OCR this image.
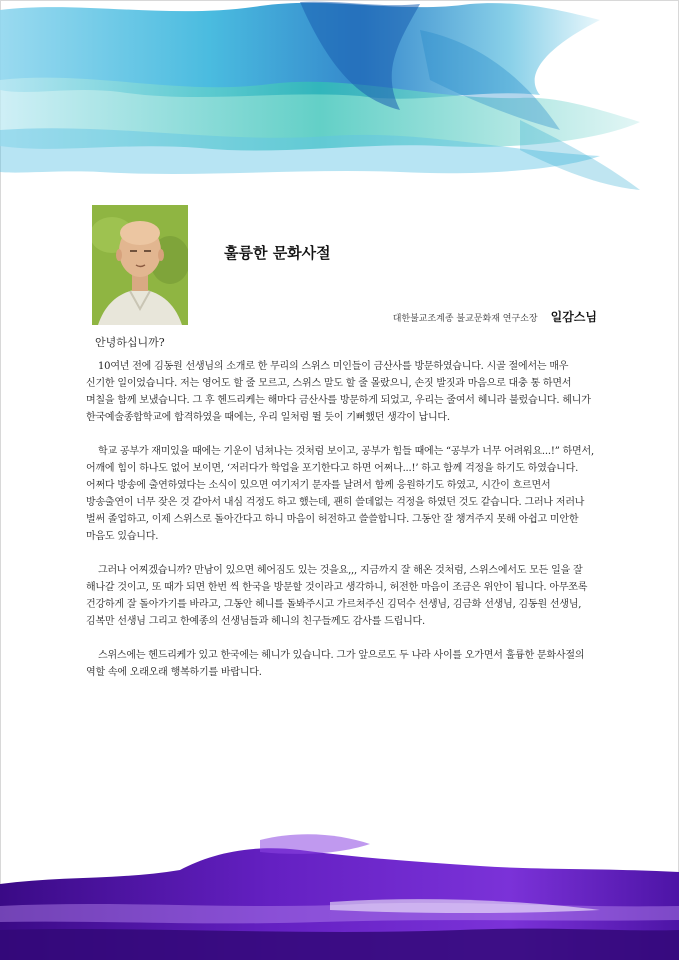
훌륭한 문화사절

대한불교조계종 불교문화재 연구소장 일감스님

안녕하십니까?

10여년 전에 김동원 선생님의 소개로 한 무리의 스위스 미인들이 금산사를 방문하였습니다. 시골 절에서는 매우 신기한 일이었습니다. 저는 영어도 할 줄 모르고, 스위스 말도 할 줄 몰랐으니, 손짓 발짓과 마음으로 대충 통 하면서 며칠을 함께 보냈습니다. 그 후 헨드리케는 해마다 금산사를 방문하게 되었고, 우리는 줄여서 헤니라 불렀습니다. 헤니가 한국예술종합학교에 합격하였을 때에는, 우리 일처럼 뛸 듯이 기뻐했던 생각이 납니다.

학교 공부가 재미있을 때에는 기운이 넘쳐나는 것처럼 보이고, 공부가 힘들 때에는 “공부가 너무 어려워요...!” 하면서, 어깨에 힘이 하나도 없어 보이면, ‘저러다가 학업을 포기한다고 하면 어쩌나...!’ 하고 함께 걱정을 하기도 하였습니다. 어쩌다 방송에 출연하였다는 소식이 있으면 여기저기 문자를 날려서 함께 응원하기도 하였고, 시간이 흐르면서 방송출연이 너무 잦은 것 같아서 내심 걱정도 하고 했는데, 괜히 쓸데없는 걱정을 하였던 것도 같습니다. 그러나 저러나 벌써 졸업하고, 이제 스위스로 돌아간다고 하니 마음이 허전하고 쓸쓸합니다. 그동안 잘 챙겨주지 못해 아쉽고 미안한 마음도 있습니다.

그러나 어찌겠습니까? 만남이 있으면 헤어짐도 있는 것을요,,, 지금까지 잘 해온 것처럼, 스위스에서도 모든 일을 잘 해나갈 것이고, 또 때가 되면 한번 씩 한국을 방문할 것이라고 생각하니, 허전한 마음이 조금은 위안이 됩니다. 아무쪼록 건강하게 잘 돌아가기를 바라고, 그동안 헤니를 돌봐주시고 가르쳐주신 김덕수 선생님, 김금화 선생님, 김동원 선생님, 김복만 선생님 그리고 한예종의 선생님들과 헤니의 친구들께도 감사를 드립니다.

스위스에는 헨드리케가 있고 한국에는 헤니가 있습니다. 그가 앞으로도 두 나라 사이를 오가면서 훌륭한 문화사절의 역할 속에 오래오래 행복하기를 바랍니다.
